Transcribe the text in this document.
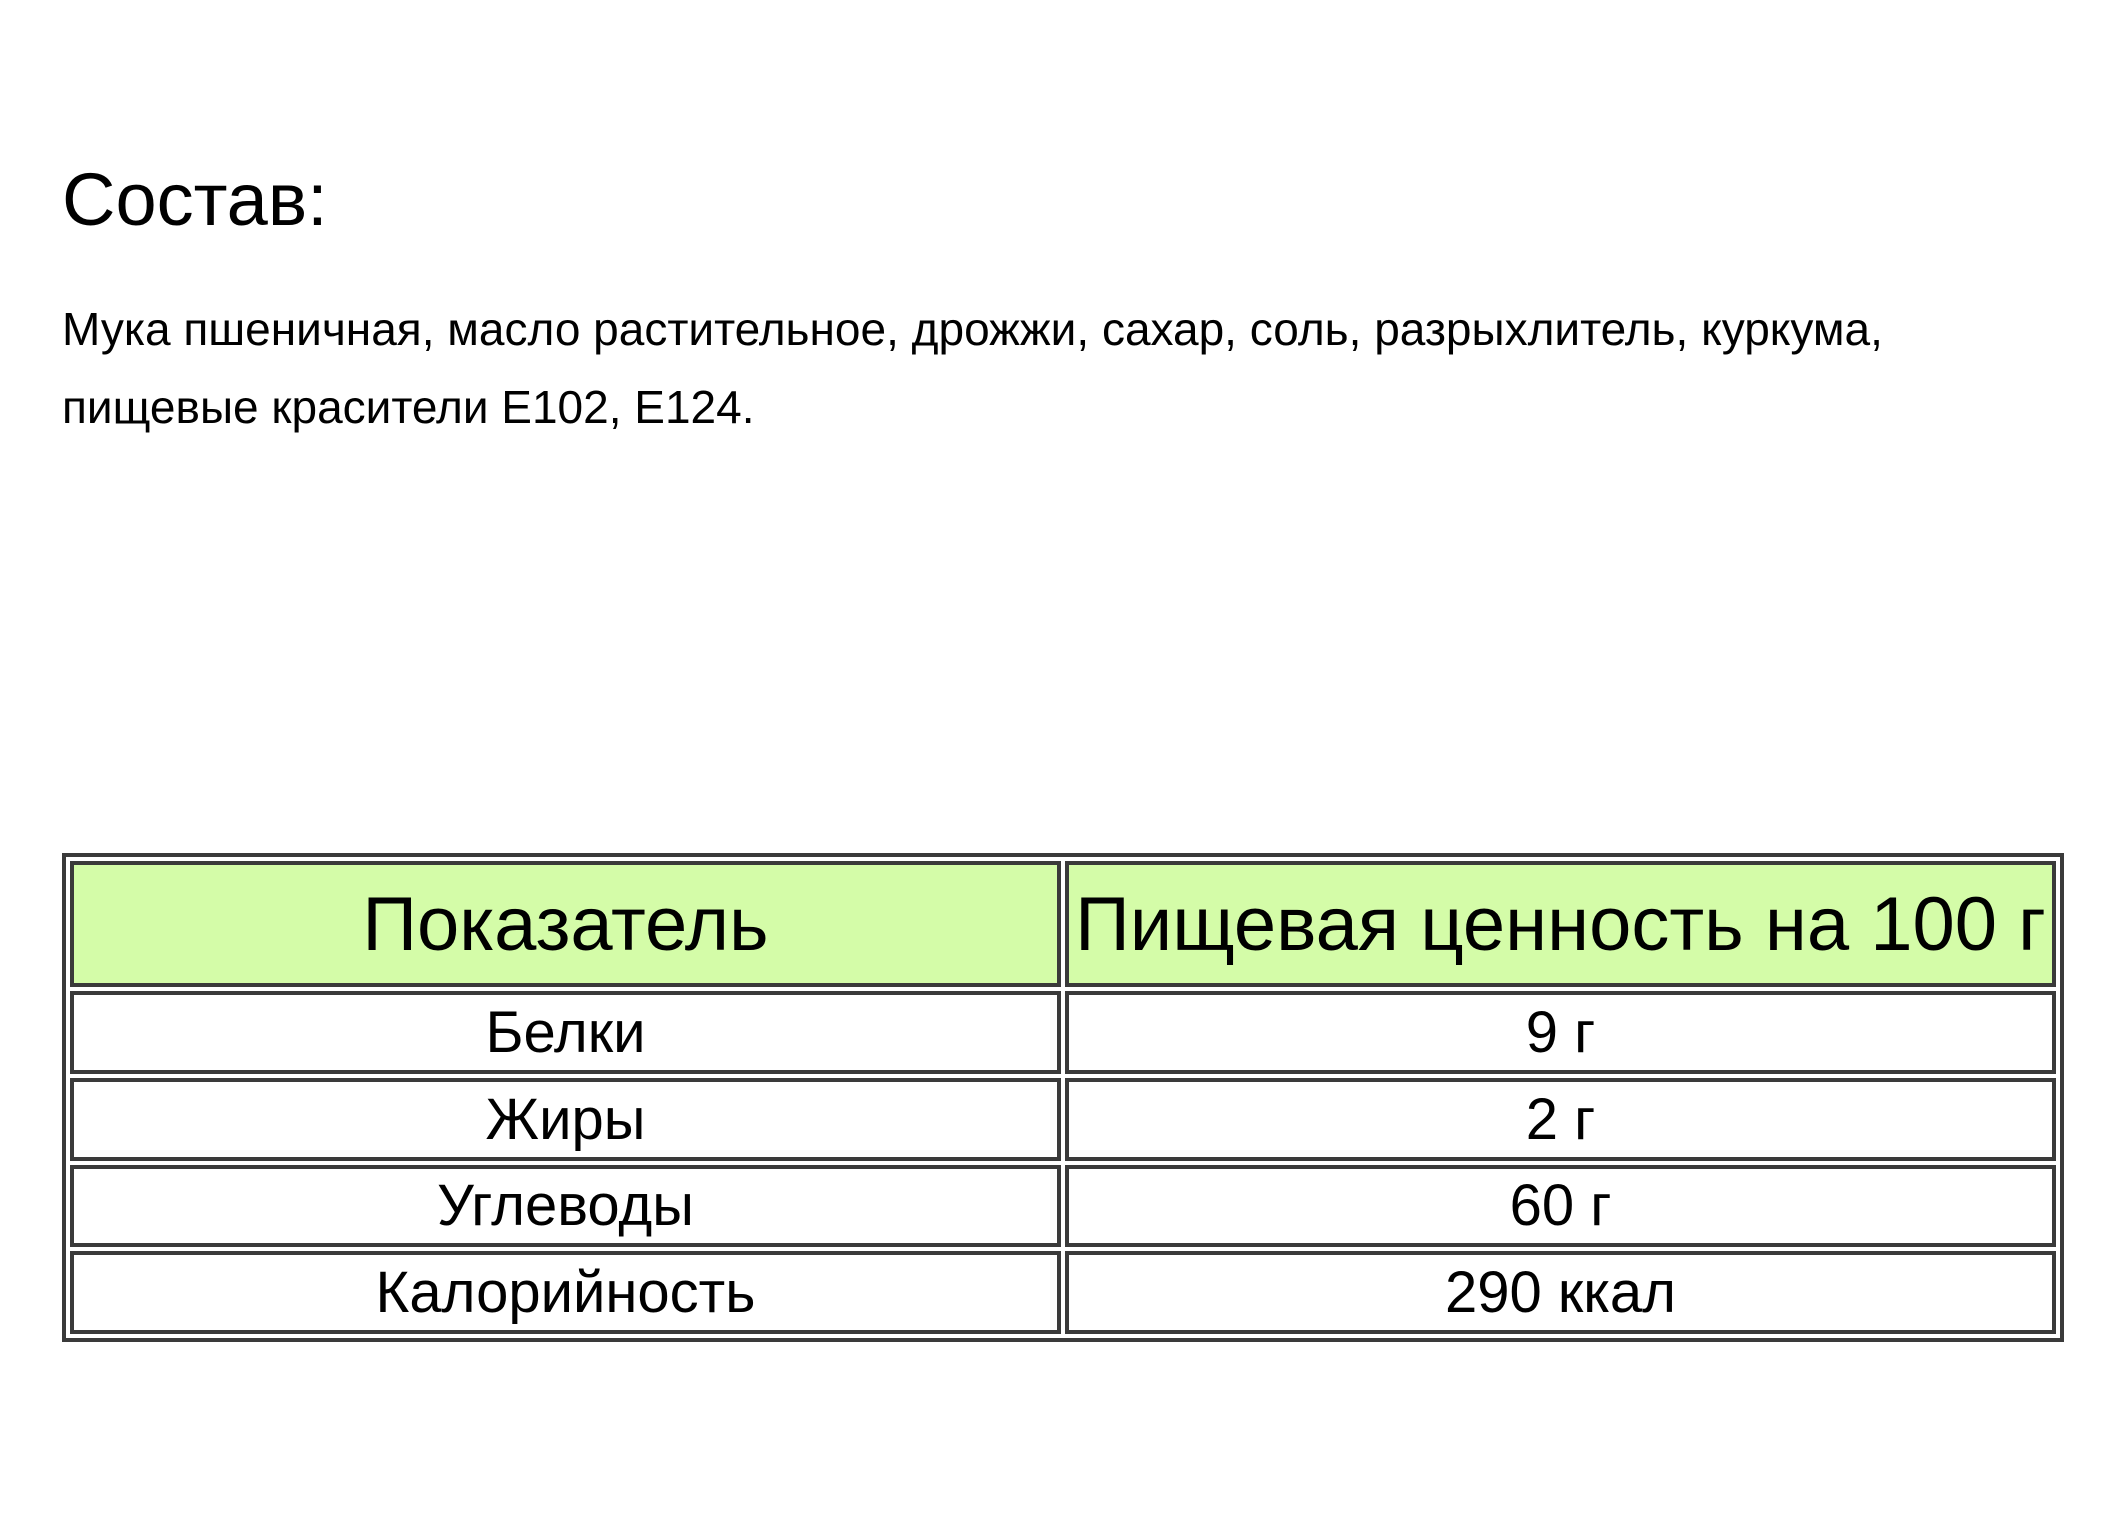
Состав:

Мука пшеничная, масло растительное, дрожжи, сахар, соль, разрыхлитель, куркума, пищевые красители Е102, Е124.

Показатель	Пищевая ценность на 100 г
Белки	9 г
Жиры	2 г
Углеводы	60 г
Калорийность	290 ккал
